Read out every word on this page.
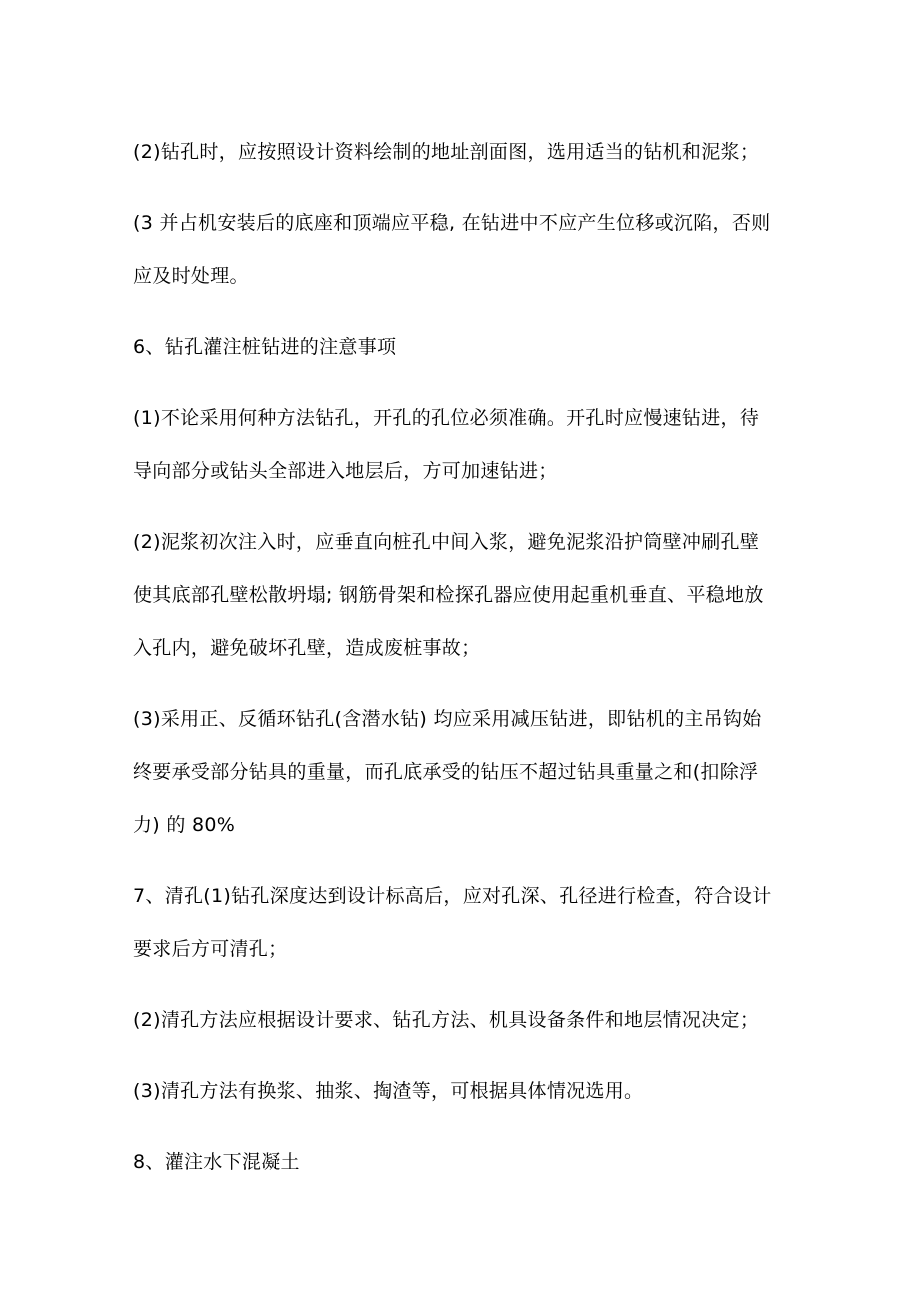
(2)钻孔时，应按照设计资料绘制的地址剖面图，选用适当的钻机和泥浆；

(3 并占机安装后的底座和顶端应平稳, 在钻进中不应产生位移或沉陷，否则
应及时处理。

6、钻孔灌注桩钻进的注意事项

(1)不论采用何种方法钻孔，开孔的孔位必须准确。开孔时应慢速钻进，待
导向部分或钻头全部进入地层后，方可加速钻进；

(2)泥浆初次注入时，应垂直向桩孔中间入浆，避免泥浆沿护筒壁冲刷孔壁
使其底部孔壁松散坍塌; 钢筋骨架和检探孔器应使用起重机垂直、平稳地放
入孔内，避免破坏孔壁，造成废桩事故；

(3)采用正、反循环钻孔(含潜水钻) 均应采用减压钻进，即钻机的主吊钩始
终要承受部分钻具的重量，而孔底承受的钻压不超过钻具重量之和(扣除浮
力) 的 80%

7、清孔(1)钻孔深度达到设计标高后，应对孔深、孔径进行检查，符合设计
要求后方可清孔；

(2)清孔方法应根据设计要求、钻孔方法、机具设备条件和地层情况决定；

(3)清孔方法有换浆、抽浆、掏渣等，可根据具体情况选用。

8、灌注水下混凝土
